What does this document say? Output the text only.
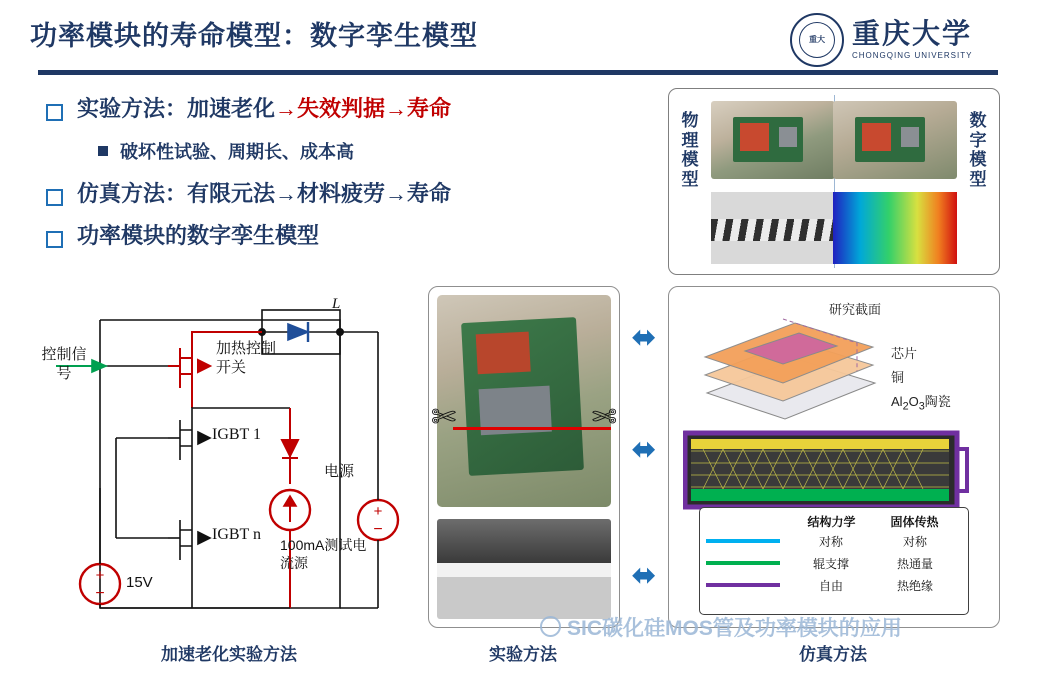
功率模块的寿命模型：数字孪生模型	重大 重庆大学
CHONGQING UNIVERSITY
实验方法：加速老化→失效判据→寿命
破坏性试验、周期长、成本高
仿真方法：有限元法→材料疲劳→寿命
功率模块的数字孪生模型
物理模型
数字模型
+
−
+
−
L
控制信号
加热控制开关
IGBT 1
IGBT n
电源
100mA测试电流源
15V
加速老化实验方法
✄	✄
实验方法
⬌
⬌
⬌
研究截面
芯片
铜
$Al_2O_3$陶瓷
结构力学	固体传热
对称	对称
辊支撑	热通量
自由	热绝缘
仿真方法
SIC碳化硅MOS管及功率模块的应用
